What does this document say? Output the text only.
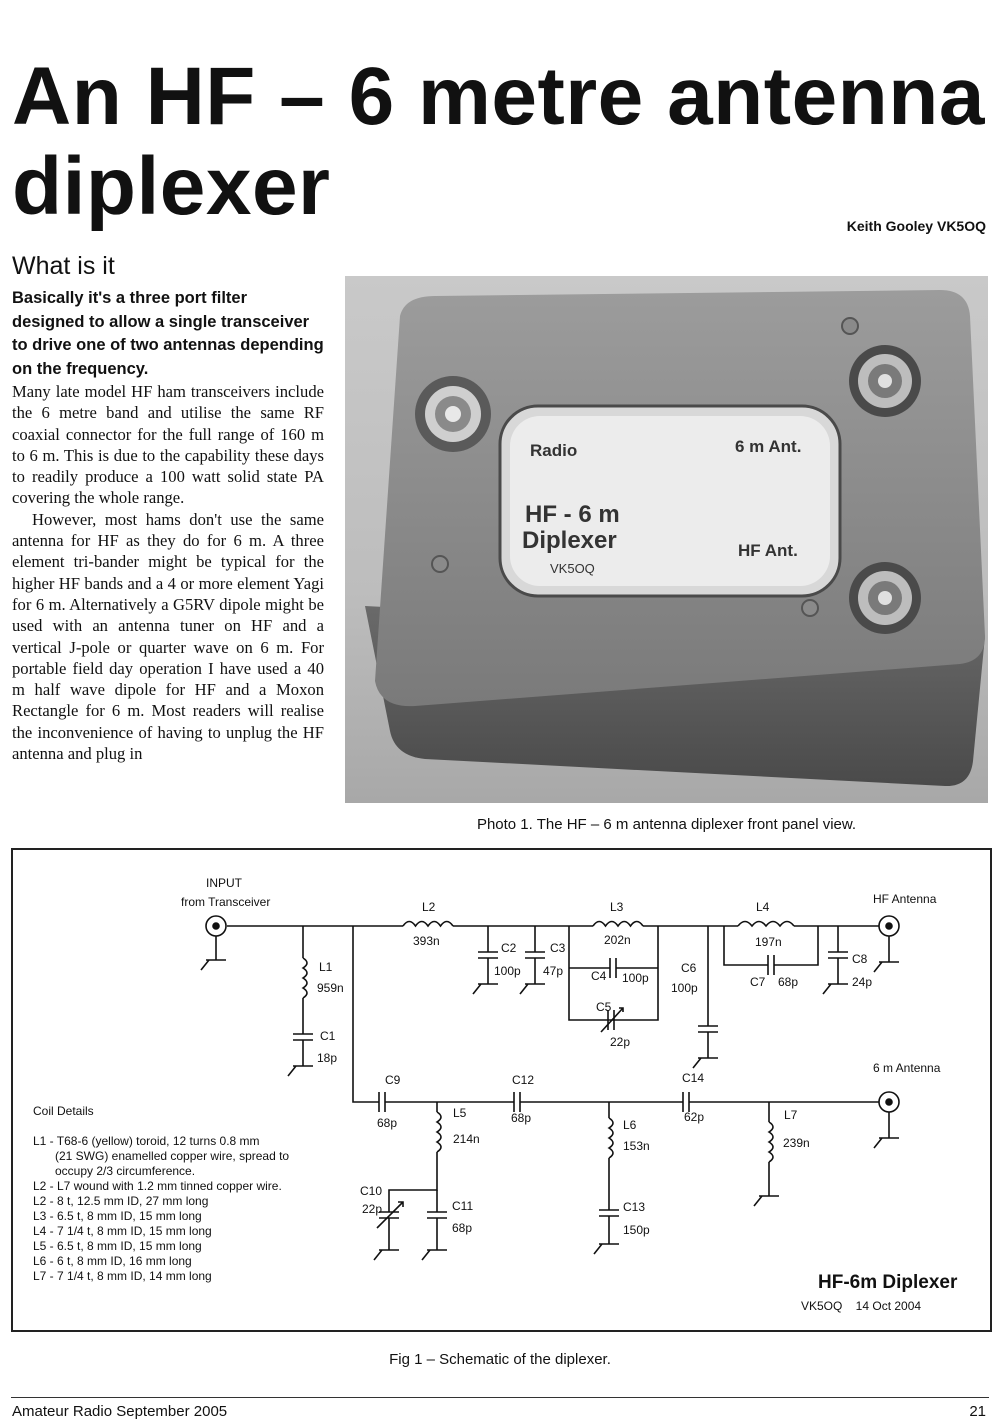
An HF – 6 metre antenna
diplexer	Keith Gooley VK5OQ
What is it

Basically it's a three port filter designed to allow a single transceiver to drive one of two antennas depending on the frequency.

Many late model HF ham transceivers include the 6 metre band and utilise the same RF coaxial connector for the full range of 160 m to 6 m. This is due to the capability these days to readily produce a 100 watt solid state PA covering the whole range.

However, most hams don't use the same antenna for HF as they do for 6 m. A three element tri-bander might be typical for the higher HF bands and a 4 or more element Yagi for 6 m. Alternatively a G5RV dipole might be used with an antenna tuner on HF and a vertical J-pole or quarter wave on 6 m. For portable field day operation I have used a 40 m half wave dipole for HF and a Moxon Rectangle for 6 m. Most readers will realise the inconvenience of having to unplug the HF antenna and plug in

Radio	6 m Ant.
HF - 6 m
Diplexer
VK5OQ
HF Ant.
Photo 1. The HF – 6 m antenna diplexer front panel view.
INPUT
from Transceiver	HF Antenna
6 m Antenna
L1
959n
C1
18p
L2
393n	C2
100p
C3
47p
L3
202n
C4 100p
C5
22p
C6
100p
L4
197n
C7 68p
C8
24p
C9
68p
L5
214n
C10
22p	C11
68p
C12
68p	L6
153n
C13
150p
C14
62p	L7
239n
Coil Details
L1 - T68-6 (yellow) toroid, 12 turns 0.8 mm
(21 SWG) enamelled copper wire, spread to
occupy 2/3 circumference.
L2 - L7 wound with 1.2 mm tinned copper wire.
L2 - 8 t, 12.5 mm ID, 27 mm long
L3 - 6.5 t, 8 mm ID, 15 mm long
L4 - 7 1/4 t, 8 mm ID, 15 mm long
L5 - 6.5 t, 8 mm ID, 15 mm long
L6 - 6 t, 8 mm ID, 16 mm long
L7 - 7 1/4 t, 8 mm ID, 14 mm long	HF-6m Diplexer
VK5OQ    14 Oct 2004
Fig 1 – Schematic of the diplexer.
Amateur Radio September 2005	21
